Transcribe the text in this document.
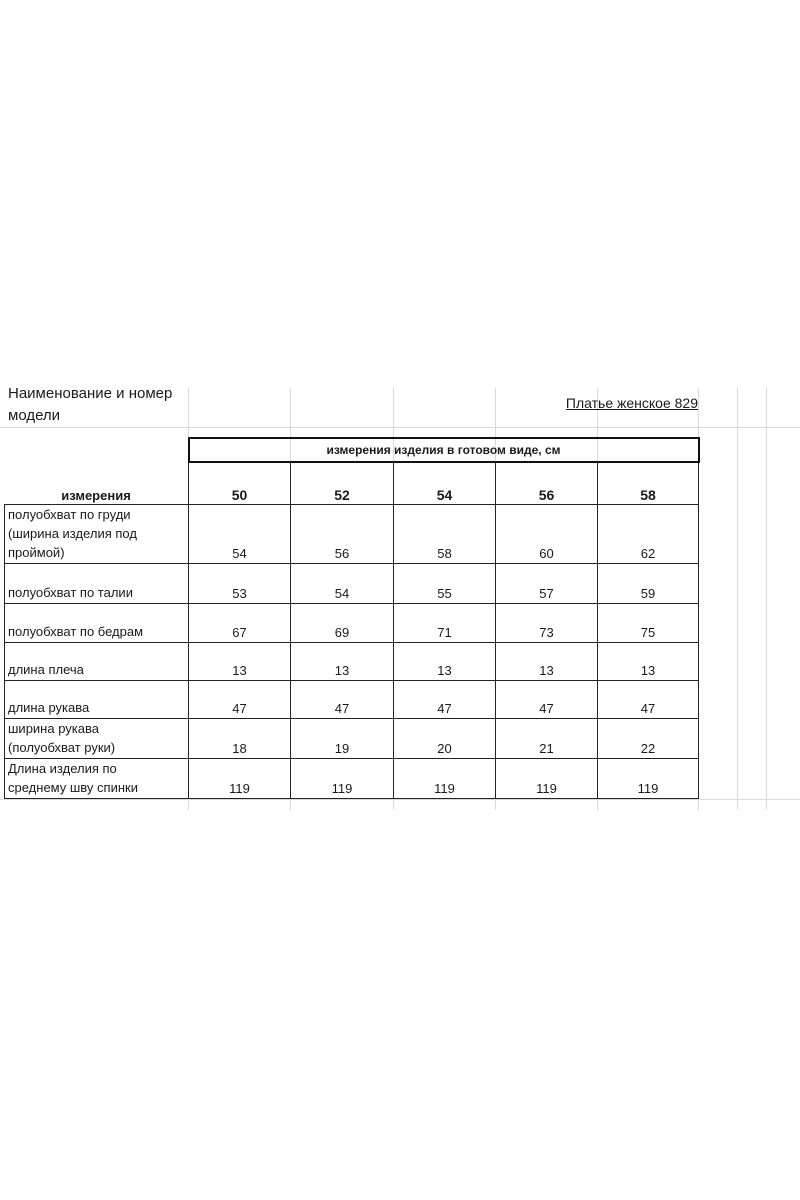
Наименование и номер
модели
Платье женское 829
измерения	измерения изделия в готовом виде, см				
	50	52	54	56	58

полуобхват по груди
(ширина изделия под
проймой)	54	56	58	60	62

полуобхват по талии	53	54	55	57	59

полуобхват по бедрам	67	69	71	73	75

длина плеча	13	13	13	13	13

длина рукава	47	47	47	47	47

ширина рукава
(полуобхват руки)	18	19	20	21	22

Длина изделия по
среднему шву спинки	119	119	119	119	119
